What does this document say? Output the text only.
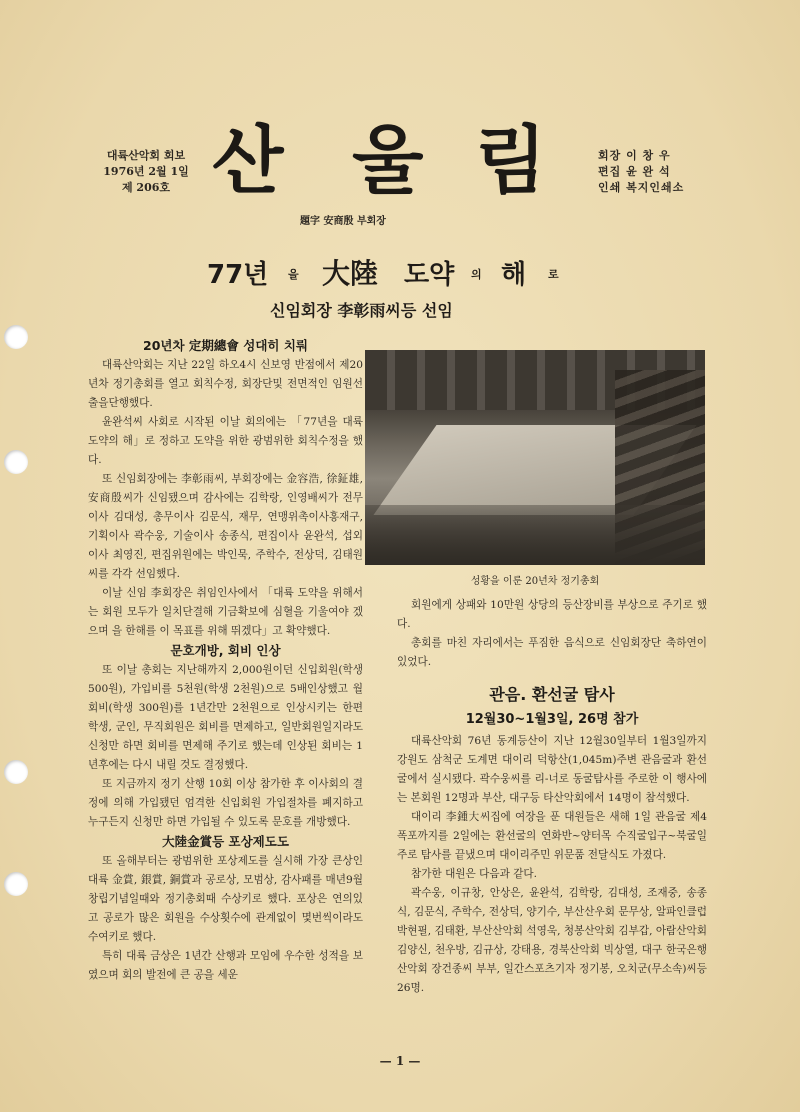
대륙산악회 회보
1976년 2월 1일
제 206호 산 울 림
題字 安商殷 부회장
회장 이 창 우
편집 윤 완 석
인쇄 복지인쇄소
77년 을 大陸 도약 의 해 로
신임회장 李彰雨씨등 선임
20년차 定期總會 성대히 치뤄

대륙산악회는 지난 22일 하오4시 신보영 반점에서 제20년차 정기총회를 열고 회칙수정, 회장단및 전면적인 임원선출을단행했다.

윤완석씨 사회로 시작된 이날 회의에는 「77년을 대륙 도약의 해」로 정하고 도약을 위한 광범위한 회칙수정을 했다.

또 신임회장에는 李彰雨씨, 부회장에는 金容浩, 徐鉦雄, 安商殷씨가 신임됐으며 감사에는 김학랑, 인영배씨가 전무이사 김대성, 총무이사 김문식, 재무, 연맹위촉이사홍재구, 기획이사 곽수웅, 기술이사 송종식, 편집이사 윤완석, 섭외이사 최영진, 편집위원에는 박인묵, 주학수, 전상덕, 김태원씨를 각각 선임했다.

이날 신임 李회장은 취임인사에서 「대륙 도약을 위해서는 회원 모두가 일치단결해 기금확보에 심혈을 기울여야 겠으며 을 한해를 이 목표를 위해 뛰겠다」고 확약했다.

문호개방, 회비 인상

또 이날 총회는 지난해까지 2,000원이던 신입회원(학생 500원), 가입비를 5천원(학생 2천원)으로 5배인상했고 월회비(학생 300원)를 1년간만 2천원으로 인상시키는 한편 학생, 군인, 무직회원은 회비를 면제하고, 일반회원일지라도 신청만 하면 회비를 면제해 주기로 했는데 인상된 회비는 1년후에는 다시 내릴 것도 결정했다.

또 지금까지 정기 산행 10회 이상 참가한 후 이사회의 결정에 의해 가입됐던 엄격한 신입회원 가입절차를 폐지하고 누구든지 신청만 하면 가입될 수 있도록 문호를 개방했다.

大陸金賞등 포상제도도

또 올해부터는 광범위한 포상제도를 실시해 가장 큰상인 대륙 金賞, 銀賞, 銅賞과 공로상, 모범상, 감사패를 매년9월 창립기념일때와 정기총회때 수상키로 했다. 포상은 연의있고 공로가 많은 회원을 수상횟수에 관계없이 몇번씩이라도 수여키로 했다.

특히 대륙 금상은 1년간 산행과 모임에 우수한 성적을 보였으며 회의 발전에 큰 공을 세운

성황을 이룬 20년차 정기총회

회원에게 상패와 10만원 상당의 등산장비를 부상으로 주기로 했다.

총회를 마친 자리에서는 푸짐한 음식으로 신임회장단 축하연이 있었다.

관음. 환선굴 탐사
12월30~1월3일, 26명 참가

대륙산악회 76년 동계등산이 지난 12월30일부터 1월3일까지 강원도 삼척군 도계면 대이리 덕항산(1,045m)주변 관음굴과 환선굴에서 실시됐다. 곽수웅씨를 리-너로 동굴탐사를 주로한 이 행사에는 본회원 12명과 부산, 대구등 타산악회에서 14명이 참석했다.

대이리 李鍾大씨집에 여장을 푼 대원들은 새해 1일 관음굴 제4폭포까지를 2일에는 환선굴의 연화반~양터목 수직굴입구~북굴일주로 탐사를 끝냈으며 대이리주민 위문품 전달식도 가졌다.

참가한 대원은 다음과 같다.

곽수웅, 이규창, 안상은, 윤완석, 김학랑, 김대성, 조재중, 송종식, 김문식, 주학수, 전상덕, 양기수, 부산산우회 문무상, 알파인클럽 박현필, 김태환, 부산산악회 석영욱, 청봉산악회 김부갑, 아람산악회 김양신, 천우방, 김규상, 강태용, 경북산악회 빅상열, 대구 한국은행 산악회 장건종씨 부부, 일간스포츠기자 정기봉, 오치군(무소속)씨등 26명.

— 1 —
